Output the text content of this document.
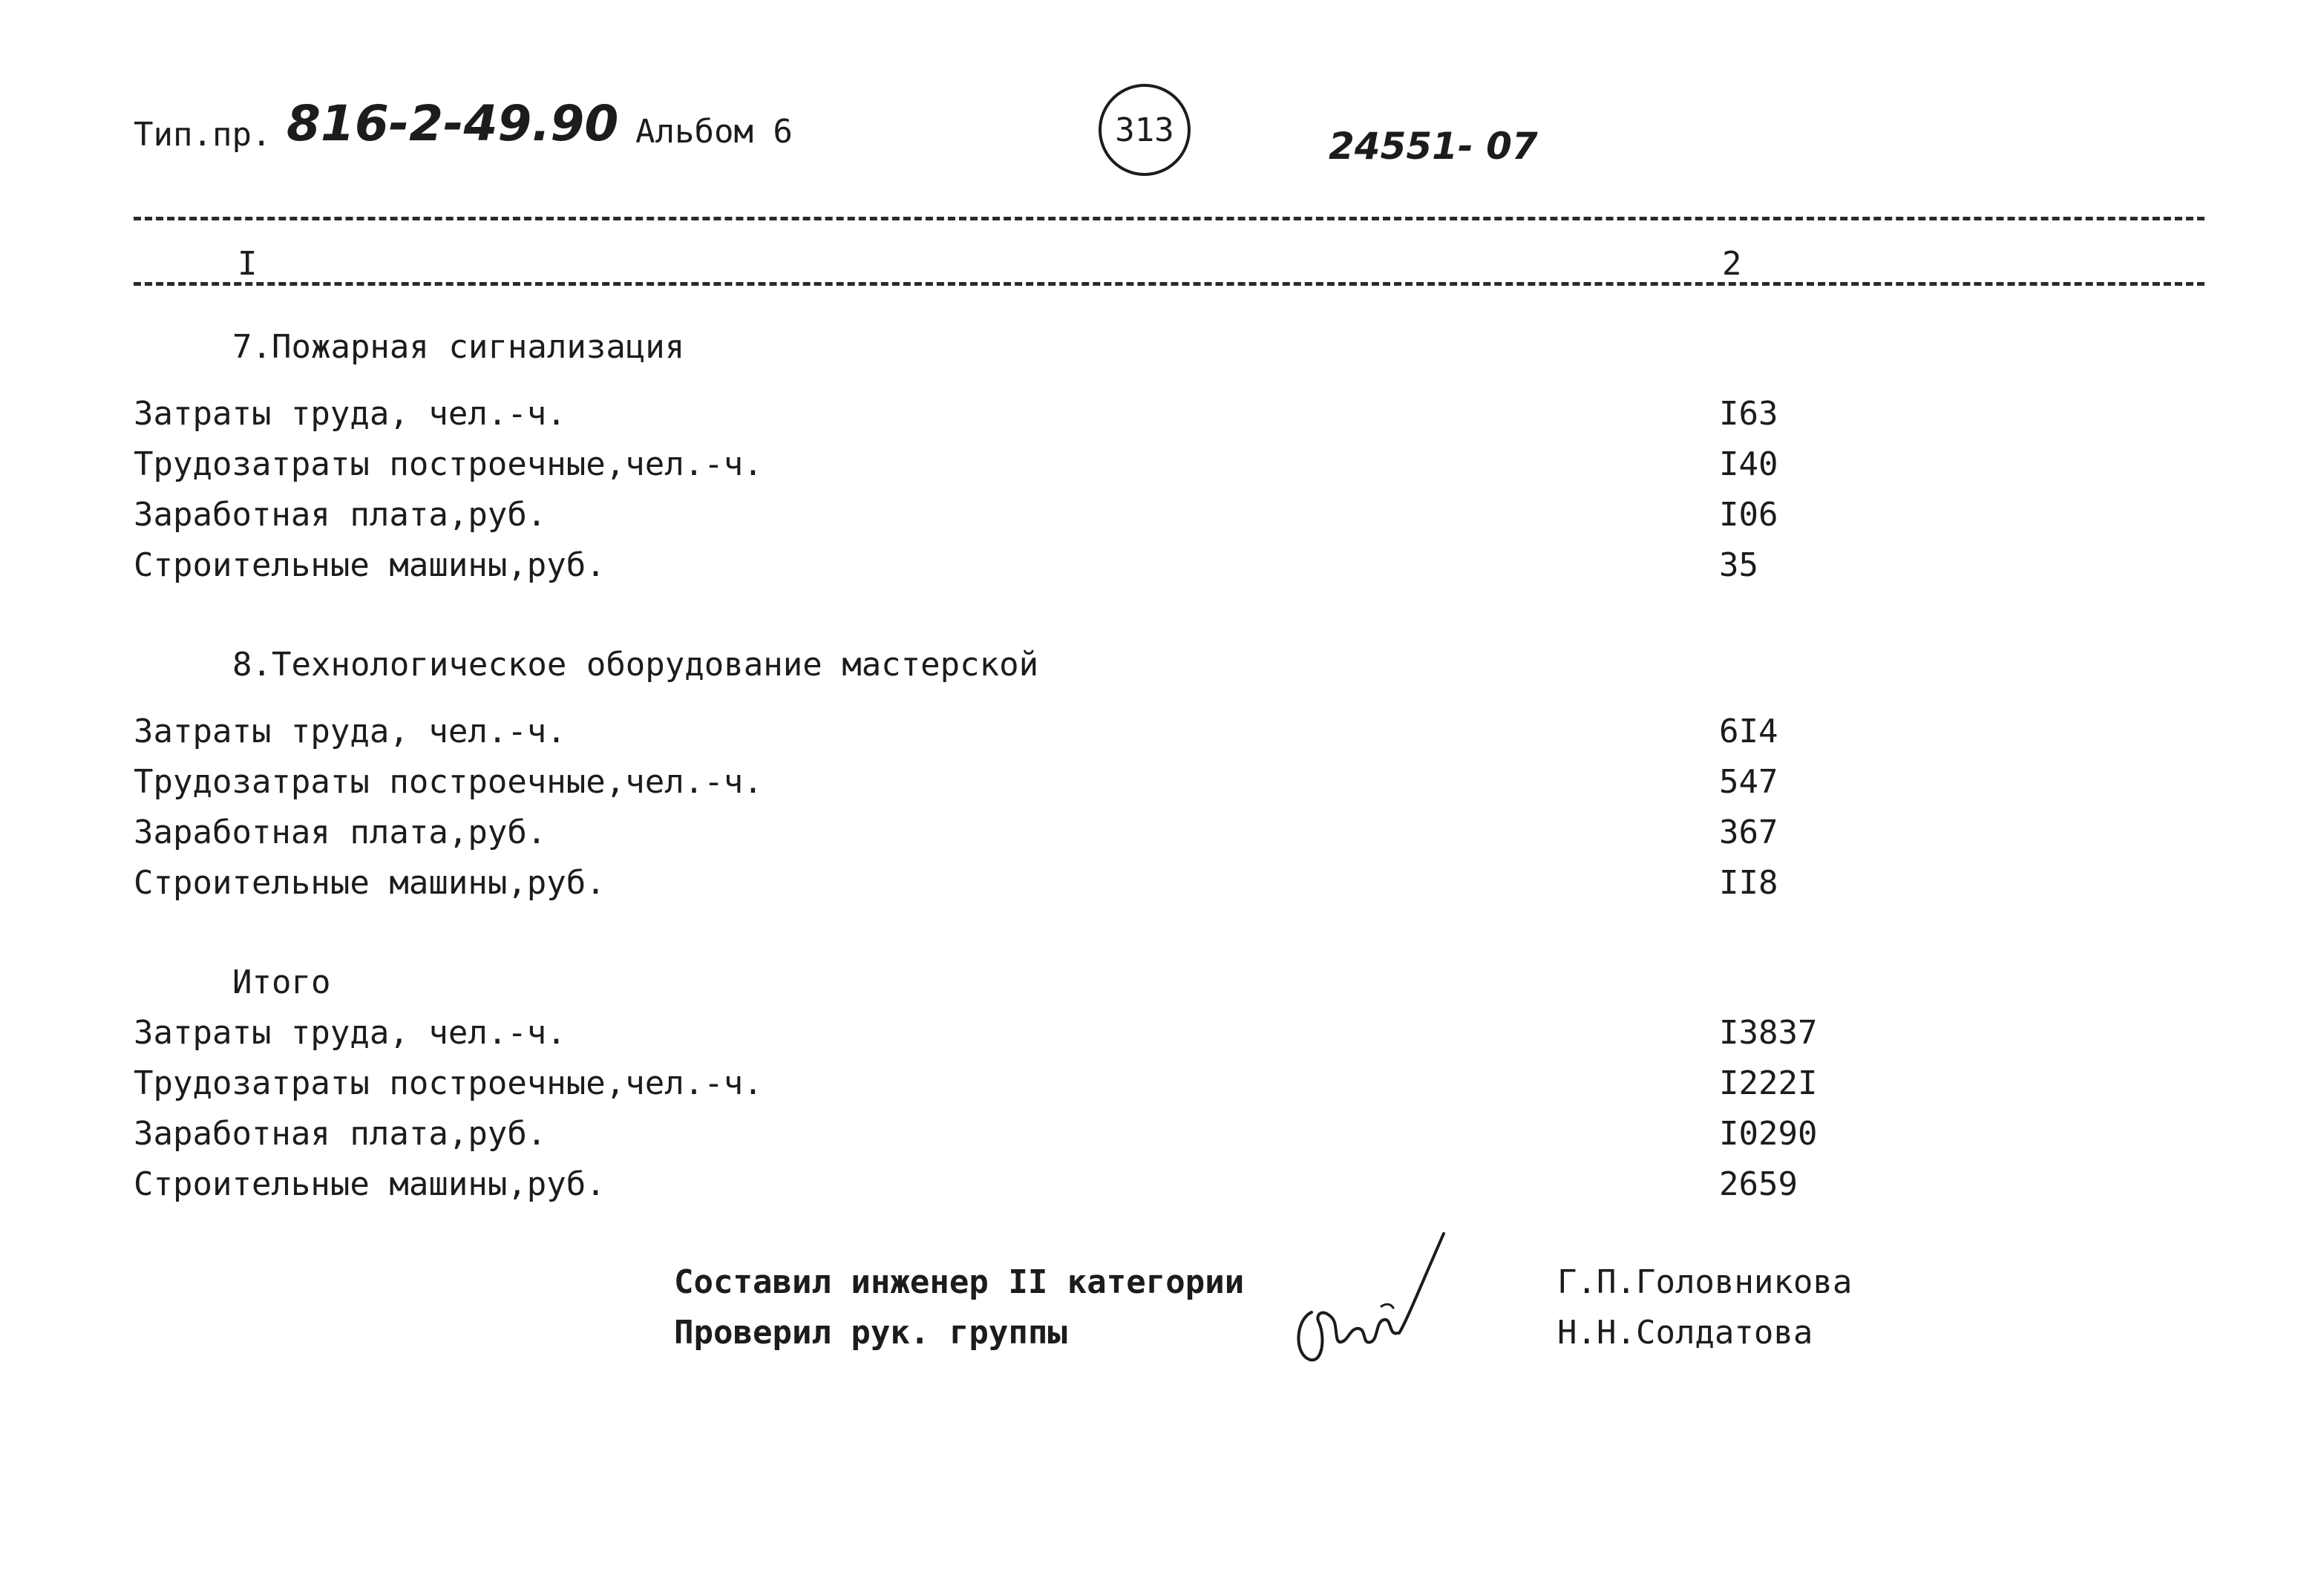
Тип.пр. 816-2-49.90 Альбом 6	313	24551- 07
I	2
7.Пожарная сигнализация
Затраты труда, чел.-ч.	I63
Трудозатраты построечные,чел.-ч.	I40
Заработная плата,руб.	I06
Строительные машины,руб.	35
8.Технологическое оборудование мастерской
Затраты труда, чел.-ч.	6I4
Трудозатраты построечные,чел.-ч.	547
Заработная плата,руб.	367
Строительные машины,руб.	II8
Итого
Затраты труда, чел.-ч.	I3837
Трудозатраты построечные,чел.-ч.	I222I
Заработная плата,руб.	I0290
Строительные машины,руб.	2659
Составил инженер II категории
Проверил рук. группы
Г.П.Головникова
Н.Н.Солдатова
